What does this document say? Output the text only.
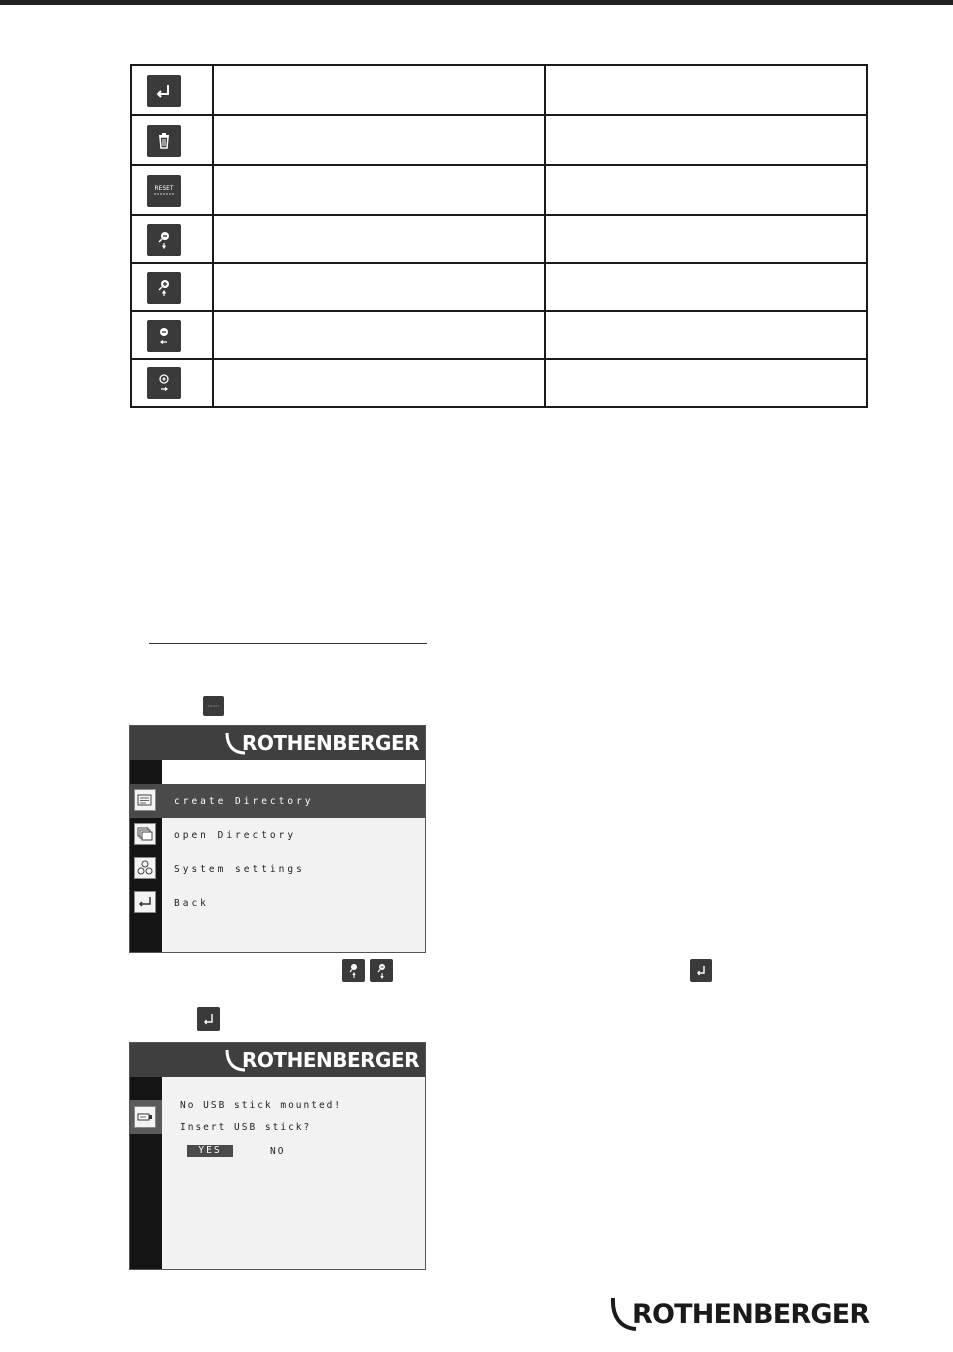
RESET
ROTHENBERGER
create Directory
open Directory
System settings
Back
ROTHENBERGER
No USB stick mounted!
Insert USB stick?
YES	NO
ROTHENBERGER
